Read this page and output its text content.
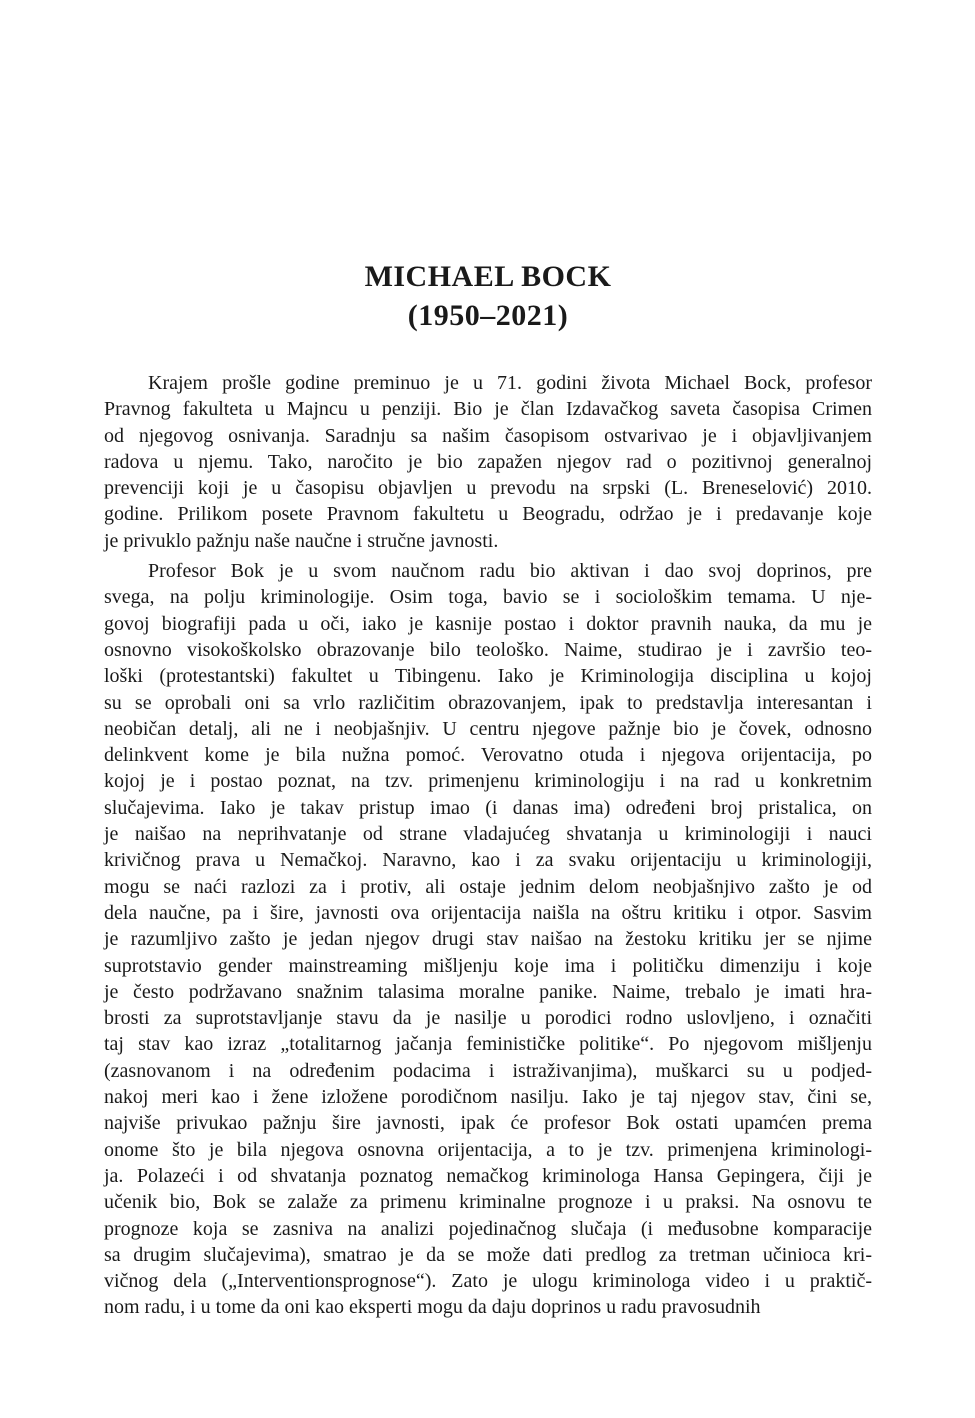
MICHAEL BOCK
(1950–2021)
Krajem prošle godine preminuo je u 71. godini života Michael Bock, profesor
Pravnog fakulteta u Majncu u penziji. Bio je član Izdavačkog saveta časopisa Crimen
od njegovog osnivanja. Saradnju sa našim časopisom ostvarivao je i objavljivanjem
radova u njemu. Tako, naročito je bio zapažen njegov rad o pozitivnoj generalnoj
prevenciji koji je u časopisu objavljen u prevodu na srpski (L. Breneselović) 2010.
godine. Prilikom posete Pravnom fakultetu u Beogradu, održao je i predavanje koje
je privuklo pažnju naše naučne i stručne javnosti.
Profesor Bok je u svom naučnom radu bio aktivan i dao svoj doprinos, pre
svega, na polju kriminologije. Osim toga, bavio se i sociološkim temama. U nje-
govoj biografiji pada u oči, iako je kasnije postao i doktor pravnih nauka, da mu je
osnovno visokoškolsko obrazovanje bilo teološko. Naime, studirao je i završio teo-
loški (protestantski) fakultet u Tibingenu. Iako je Kriminologija disciplina u kojoj
su se oprobali oni sa vrlo različitim obrazovanjem, ipak to predstavlja interesantan i
neobičan detalj, ali ne i neobjašnjiv. U centru njegove pažnje bio je čovek, odnosno
delinkvent kome je bila nužna pomoć. Verovatno otuda i njegova orijentacija, po
kojoj je i postao poznat, na tzv. primenjenu kriminologiju i na rad u konkretnim
slučajevima. Iako je takav pristup imao (i danas ima) određeni broj pristalica, on
je naišao na neprihvatanje od strane vladajućeg shvatanja u kriminologiji i nauci
krivičnog prava u Nemačkoj. Naravno, kao i za svaku orijentaciju u kriminologiji,
mogu se naći razlozi za i protiv, ali ostaje jednim delom neobjašnjivo zašto je od
dela naučne, pa i šire, javnosti ova orijentacija naišla na oštru kritiku i otpor. Sasvim
je razumljivo zašto je jedan njegov drugi stav naišao na žestoku kritiku jer se njime
suprotstavio gender mainstreaming mišljenju koje ima i političku dimenziju i koje
je često podržavano snažnim talasima moralne panike. Naime, trebalo je imati hra-
brosti za suprotstavljanje stavu da je nasilje u porodici rodno uslovljeno, i označiti
taj stav kao izraz „totalitarnog jačanja feminističke politike“. Po njegovom mišljenju
(zasnovanom i na određenim podacima i istraživanjima), muškarci su u podjed-
nakoj meri kao i žene izložene porodičnom nasilju. Iako je taj njegov stav, čini se,
najviše privukao pažnju šire javnosti, ipak će profesor Bok ostati upamćen prema
onome što je bila njegova osnovna orijentacija, a to je tzv. primenjena kriminologi-
ja. Polazeći i od shvatanja poznatog nemačkog kriminologa Hansa Gepingera, čiji je
učenik bio, Bok se zalaže za primenu kriminalne prognoze i u praksi. Na osnovu te
prognoze koja se zasniva na analizi pojedinačnog slučaja (i međusobne komparacije
sa drugim slučajevima), smatrao je da se može dati predlog za tretman učinioca kri-
vičnog dela („Interventionsprognose“). Zato je ulogu kriminologa video i u praktič-
nom radu, i u tome da oni kao eksperti mogu da daju doprinos u radu pravosudnih
